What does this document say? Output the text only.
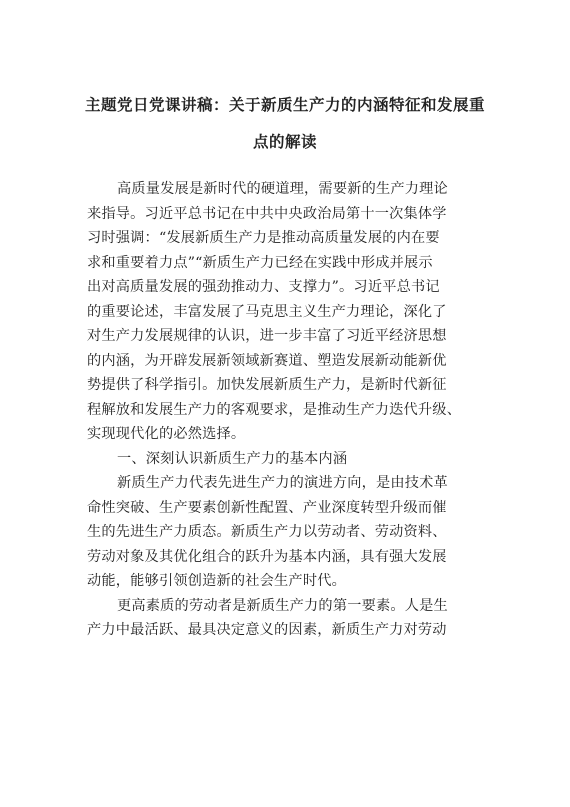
主题党日党课讲稿：关于新质生产力的内涵特征和发展重
点的解读
高质量发展是新时代的硬道理，需要新的生产力理论
来指导。习近平总书记在中共中央政治局第十一次集体学
习时强调：“发展新质生产力是推动高质量发展的内在要
求和重要着力点”“新质生产力已经在实践中形成并展示
出对高质量发展的强劲推动力、支撑力”。习近平总书记
的重要论述，丰富发展了马克思主义生产力理论，深化了
对生产力发展规律的认识，进一步丰富了习近平经济思想
的内涵，为开辟发展新领域新赛道、塑造发展新动能新优
势提供了科学指引。加快发展新质生产力，是新时代新征
程解放和发展生产力的客观要求，是推动生产力迭代升级、
实现现代化的必然选择。
一、深刻认识新质生产力的基本内涵
新质生产力代表先进生产力的演进方向，是由技术革
命性突破、生产要素创新性配置、产业深度转型升级而催
生的先进生产力质态。新质生产力以劳动者、劳动资料、
劳动对象及其优化组合的跃升为基本内涵，具有强大发展
动能，能够引领创造新的社会生产时代。
更高素质的劳动者是新质生产力的第一要素。人是生
产力中最活跃、最具决定意义的因素，新质生产力对劳动
